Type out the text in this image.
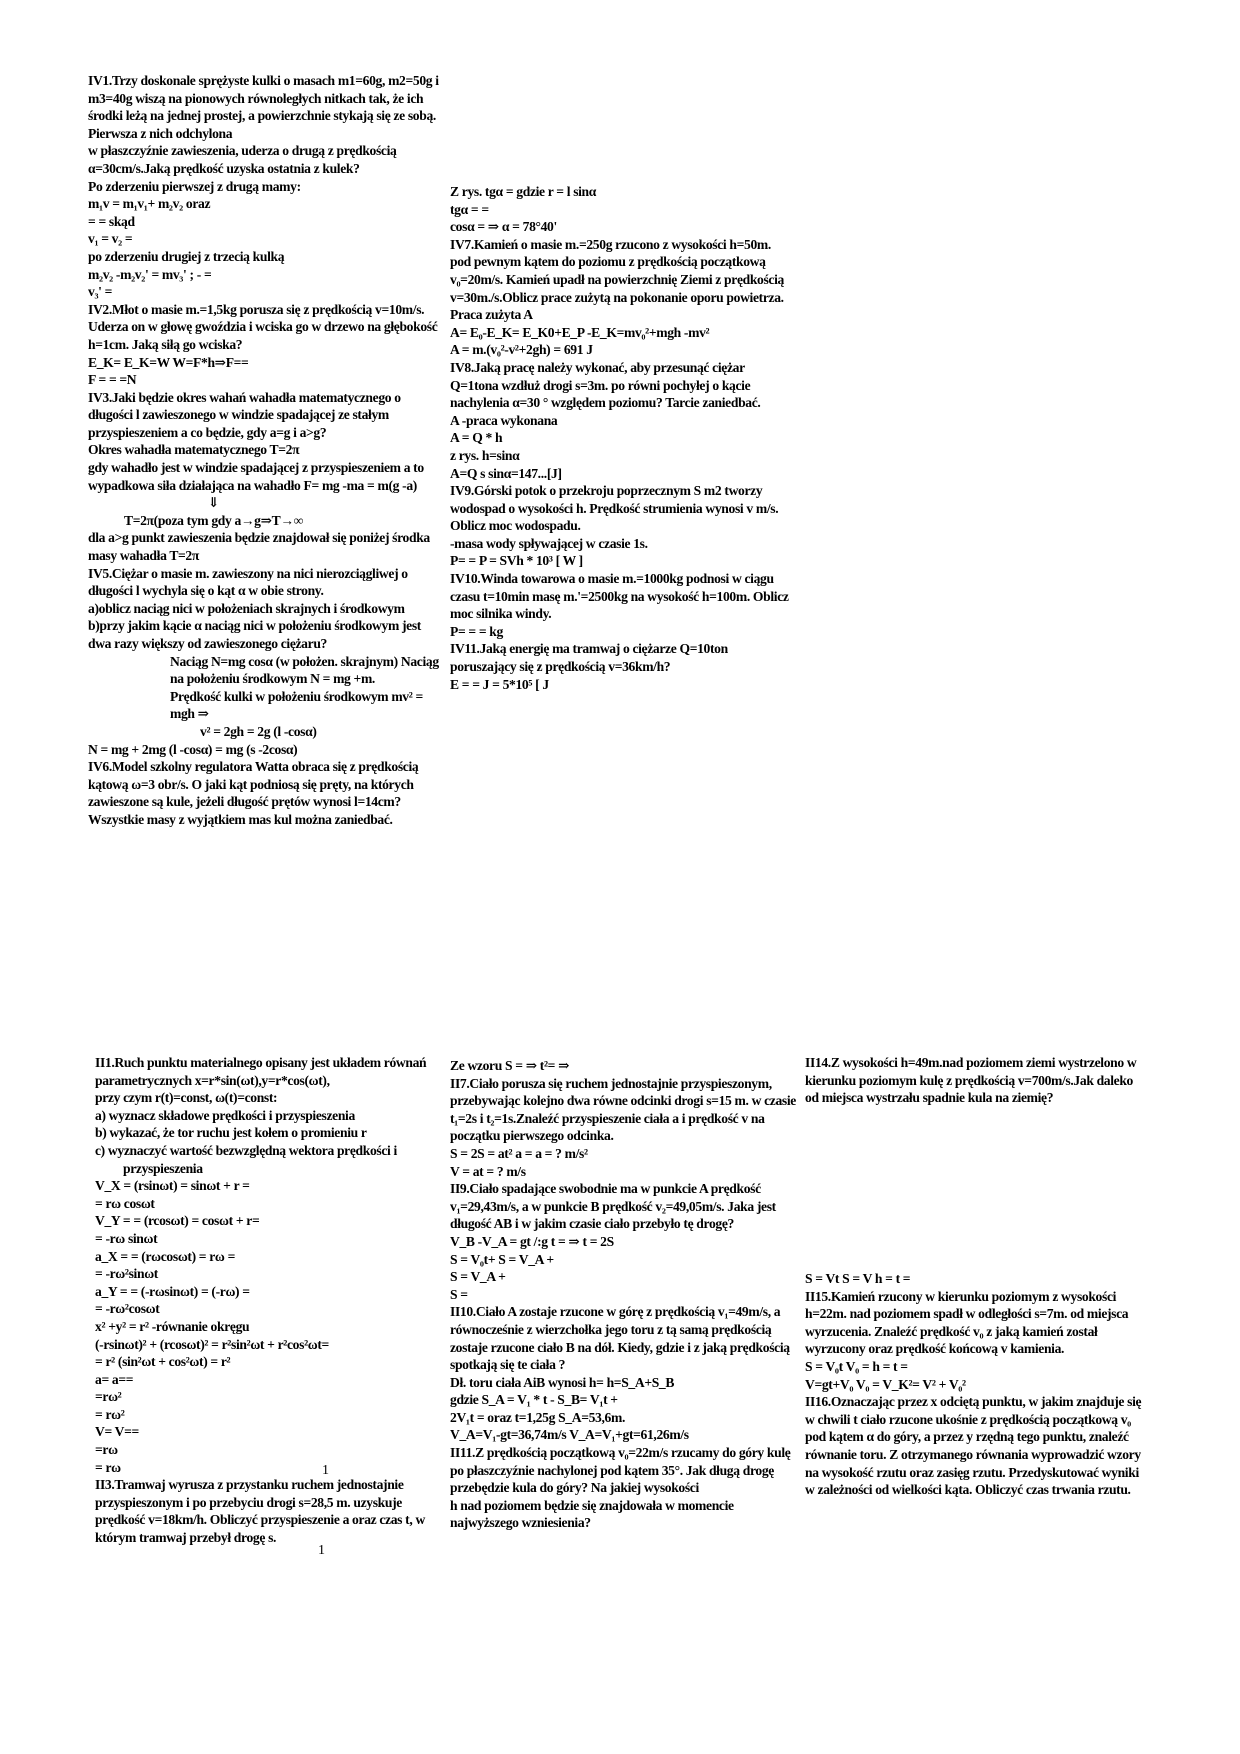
IV1.Trzy doskonale sprężyste kulki o masach m1=60g, m2=50g i m3=40g wiszą na pionowych równoległych nitkach tak, że ich środki leżą na jednej prostej, a powierzchnie stykają się ze sobą. Pierwsza z nich odchylona

w płaszczyźnie zawieszenia, uderza o drugą z prędkością α=30cm/s.Jaką prędkość uzyska ostatnia z kulek?

Po zderzeniu pierwszej z drugą mamy:

m₁v = m₁v₁+ m₂v₂ oraz

= = skąd

v₁ = v₂ =

po zderzeniu drugiej z trzecią kulką

m₂v₂ -m₂v₂' = mv₃' ; - =

v₃' =

IV2.Młot o masie m.=1,5kg porusza się z prędkością v=10m/s. Uderza on w głowę gwoździa i wciska go w drzewo na głębokość h=1cm. Jaką siłą go wciska?

E_K= E_K=W W=F*h⇒F==

F = = =N

IV3.Jaki będzie okres wahań wahadła matematycznego o długości l zawieszonego w windzie spadającej ze stałym przyspieszeniem a co będzie, gdy a=g i a>g?

Okres wahadła matematycznego T=2π

gdy wahadło jest w windzie spadającej z przyspieszeniem a to wypadkowa siła działająca na wahadło F= mg -ma = m(g -a)

⇓

T=2π(poza tym gdy a→g⇒T→∞

dla a>g punkt zawieszenia będzie znajdował się poniżej środka masy wahadła T=2π

IV5.Ciężar o masie m. zawieszony na nici nierozciągliwej o długości l wychyla się o kąt α w obie strony.

a)oblicz naciąg nici w położeniach skrajnych i środkowym

b)przy jakim kącie α naciąg nici w położeniu środkowym jest dwa razy większy od zawieszonego ciężaru?

Naciąg N=mg cosα (w położen. skrajnym) Naciąg na położeniu środkowym N = mg +m.

Prędkość kulki w położeniu środkowym mv² = mgh ⇒

v² = 2gh = 2g (l -cosα)

N = mg + 2mg (l -cosα) = mg (s -2cosα)

IV6.Model szkolny regulatora Watta obraca się z prędkością kątową ω=3 obr/s. O jaki kąt podniosą się pręty, na których zawieszone są kule, jeżeli długość prętów wynosi l=14cm? Wszystkie masy z wyjątkiem mas kul można zaniedbać.

Z rys. tgα = gdzie r = l sinα

tgα = =

cosα = ⇒ α = 78°40'

IV7.Kamień o masie m.=250g rzucono z wysokości h=50m. pod pewnym kątem do poziomu z prędkością początkową v₀=20m/s. Kamień upadł na powierzchnię Ziemi z prędkością v=30m./s.Oblicz prace zużytą na pokonanie oporu powietrza.

Praca zużyta A

A= E₀-E_K= E_K0+E_P -E_K=mv₀²+mgh -mv²

A = m.(v₀²-v²+2gh) = 691 J

IV8.Jaką pracę należy wykonać, aby przesunąć ciężar Q=1tona wzdłuż drogi s=3m. po równi pochyłej o kącie nachylenia α=30 ° względem poziomu? Tarcie zaniedbać.

A -praca wykonana

A = Q * h

z rys. h=sinα

A=Q s sinα=147...[J]

IV9.Górski potok o przekroju poprzecznym S m2 tworzy wodospad o wysokości h. Prędkość strumienia wynosi v m/s. Oblicz moc wodospadu.

-masa wody spływającej w czasie 1s.

P= = P = SVh * 10³ [ W ]

IV10.Winda towarowa o masie m.=1000kg podnosi w ciągu czasu t=10min masę m.'=2500kg na wysokość h=100m. Oblicz

moc silnika windy.

P= = = kg

IV11.Jaką energię ma tramwaj o ciężarze Q=10ton poruszający się z prędkością v=36km/h?

E = = J = 5*10⁵ [ J

II1.Ruch punktu materialnego opisany jest układem równań parametrycznych x=r*sin(ωt),y=r*cos(ωt),

przy czym r(t)=const, ω(t)=const:

a) wyznacz składowe prędkości i przyspieszenia

b) wykazać, że tor ruchu jest kołem o promieniu r

c) wyznaczyć wartość bezwzględną wektora prędkości i przyspieszenia

V_X = (rsinωt) = sinωt + r =

= rω cosωt

V_Y = = (rcosωt) = cosωt + r=

= -rω sinωt

a_X = = (rωcosωt) = rω =

= -rω²sinωt

a_Y = = (-rωsinωt) = (-rω) =

= -rω²cosωt

x² +y² = r² -równanie okręgu

(-rsinωt)² + (rcosωt)² = r²sin²ωt + r²cos²ωt=

= r² (sin²ωt + cos²ωt) = r²

a= a==

=rω²

= rω²

V= V==

=rω

= rω

II3.Tramwaj wyrusza z przystanku ruchem jednostajnie przyspieszonym i po przebyciu drogi s=28,5 m. uzyskuje prędkość v=18km/h. Obliczyć przyspieszenie a oraz czas t, w którym tramwaj przebył drogę s.

Ze wzoru S = ⇒ t²= ⇒

II7.Ciało porusza się ruchem jednostajnie przyspieszonym, przebywając kolejno dwa równe odcinki drogi s=15 m. w czasie t₁=2s i t₂=1s.Znaleźć przyspieszenie ciała a i prędkość v na początku pierwszego odcinka.

S = 2S = at² a = a = ? m/s²

V = at = ? m/s

II9.Ciało spadające swobodnie ma w punkcie A prędkość v₁=29,43m/s, a w punkcie B prędkość v₂=49,05m/s. Jaka jest długość AB i w jakim czasie ciało przebyło tę drogę?

V_B -V_A = gt /:g t = ⇒ t = 2S

S = V₀t+ S = V_A +

S = V_A +

S =

II10.Ciało A zostaje rzucone w górę z prędkością v₁=49m/s, a równocześnie z wierzchołka jego toru z tą samą prędkością zostaje rzucone ciało B na dół. Kiedy, gdzie i z jaką prędkością spotkają się te ciała ?

Dł. toru ciała AiB wynosi h= h=S_A+S_B

gdzie S_A = V₁ * t - S_B= V₁t +

2V₁t = oraz t=1,25g S_A=53,6m.

V_A=V₁-gt=36,74m/s V_A=V₁+gt=61,26m/s

II11.Z prędkością początkową v₀=22m/s rzucamy do góry kulę po płaszczyźnie nachylonej pod kątem 35°. Jak długą drogę przebędzie kula do góry? Na jakiej wysokości

h nad poziomem będzie się znajdowała w momencie najwyższego wzniesienia?

II14.Z wysokości h=49m.nad poziomem ziemi wystrzelono w kierunku poziomym kulę z prędkością v=700m/s.Jak daleko od miejsca wystrzału spadnie kula na ziemię?

S = Vt S = V h = t =

II15.Kamień rzucony w kierunku poziomym z wysokości h=22m. nad poziomem spadł w odległości s=7m. od miejsca wyrzucenia. Znaleźć prędkość v₀ z jaką kamień został wyrzucony oraz prędkość końcową v kamienia.

S = V₀t V₀ = h = t =

V=gt+V₀ V₀ = V_K²= V² + V₀²

II16.Oznaczając przez x odciętą punktu, w jakim znajduje się w chwili t ciało rzucone ukośnie z prędkością początkową v₀ pod kątem α do góry, a przez y rzędną tego punktu, znaleźć równanie toru. Z otrzymanego równania wyprowadzić wzory na wysokość rzutu oraz zasięg rzutu. Przedyskutować wyniki w zależności od wielkości kąta. Obliczyć czas trwania rzutu.

1
1
